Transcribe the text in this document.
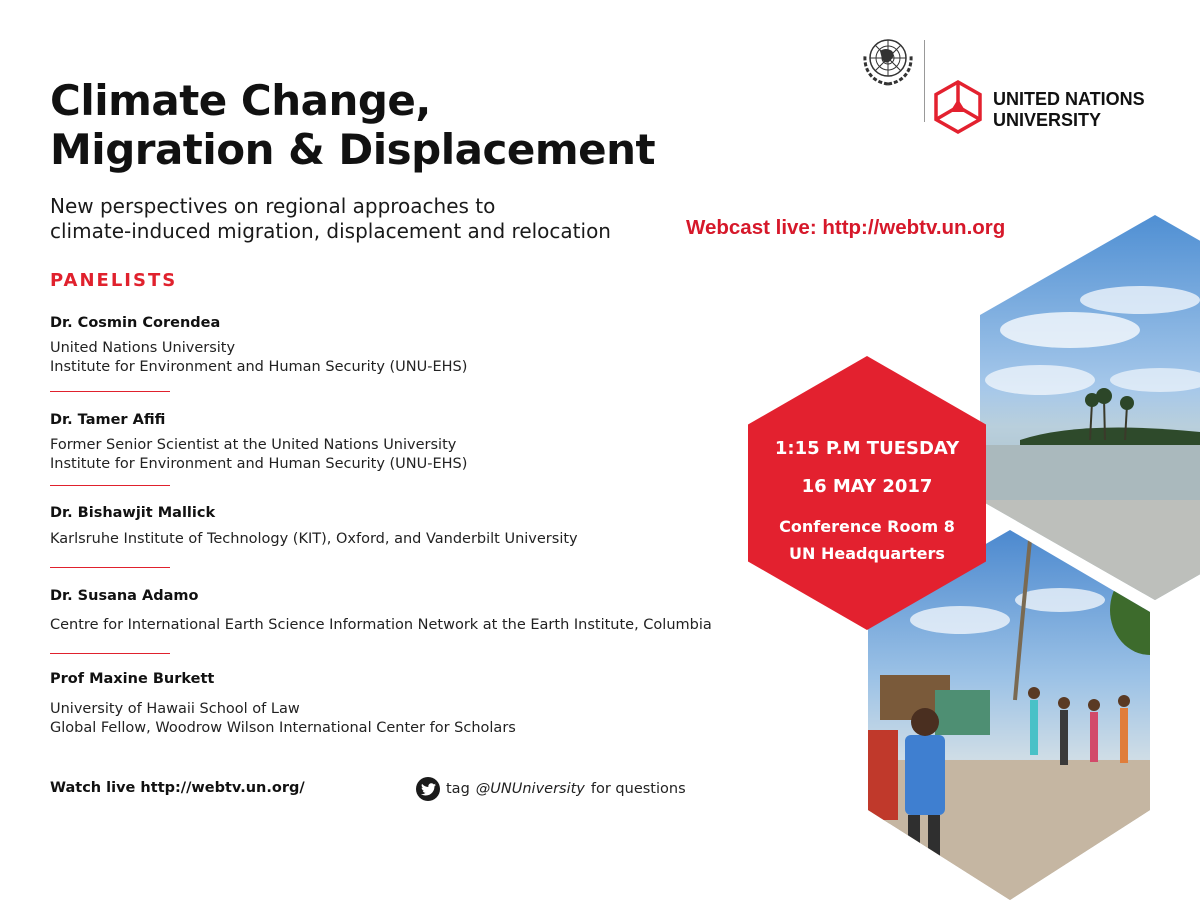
Climate Change,
Migration & Displacement
New perspectives on regional approaches to
climate-induced migration, displacement and relocation
PANELISTS
Dr. Cosmin Corendea
United Nations University
Institute for Environment and Human Security (UNU-EHS)
Dr. Tamer Afifi
Former Senior Scientist at the United Nations University
Institute for Environment and Human Security (UNU-EHS)
Dr. Bishawjit Mallick
Karlsruhe Institute of Technology (KIT), Oxford, and Vanderbilt University
Dr. Susana Adamo
Centre for International Earth Science Information Network at the Earth Institute, Columbia
Prof Maxine Burkett
University of Hawaii School of Law
Global Fellow, Woodrow Wilson International Center for Scholars
Watch live http://webtv.un.org/	tag @UNUniversity for questions
UNITED NATIONS
UNIVERSITY
Webcast live: http://webtv.un.org
1:15 P.M TUESDAY
16 MAY 2017
Conference Room 8
UN Headquarters
